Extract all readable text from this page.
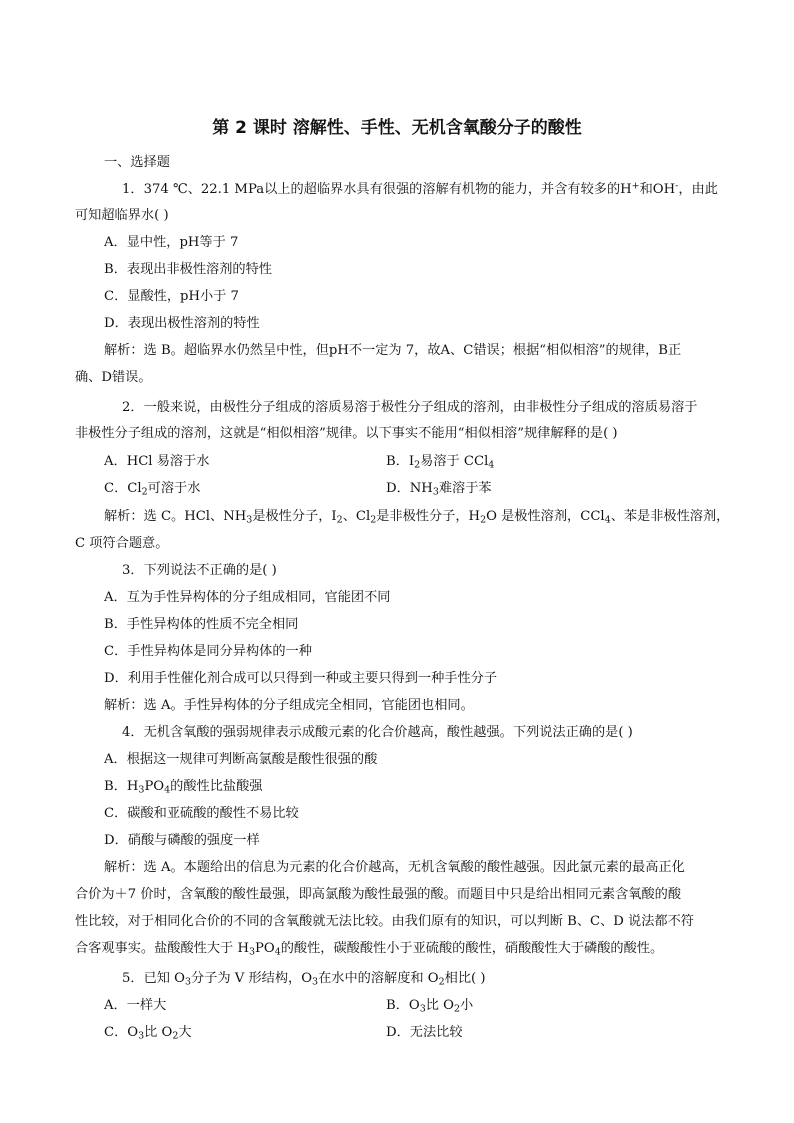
第 2 课时 溶解性、手性、无机含氧酸分子的酸性
一、选择题
1．374 ℃、22.1 MPa以上的超临界水具有很强的溶解有机物的能力，并含有较多的H+和OH-，由此
可知超临界水( )
A．显中性，pH等于 7
B．表现出非极性溶剂的特性
C．显酸性，pH小于 7
D．表现出极性溶剂的特性
解析：选 B。超临界水仍然呈中性，但pH不一定为 7，故A、C错误；根据“相似相溶”的规律，B正
确、D错误。
2．一般来说，由极性分子组成的溶质易溶于极性分子组成的溶剂，由非极性分子组成的溶质易溶于
非极性分子组成的溶剂，这就是“相似相溶”规律。以下事实不能用“相似相溶”规律解释的是( )
A．HCl 易溶于水	B．$I_2$易溶于 CCl$_4$
C．$Cl_2$可溶于水	D．$NH_3$难溶于苯
解析：选 C。HCl、$NH_3$是极性分子，$I_2$、$Cl_2$是非极性分子，$H_2O$ 是极性溶剂，CCl$_4$、苯是非极性溶剂，
C 项符合题意。
3．下列说法不正确的是( )
A．互为手性异构体的分子组成相同，官能团不同
B．手性异构体的性质不完全相同
C．手性异构体是同分异构体的一种
D．利用手性催化剂合成可以只得到一种或主要只得到一种手性分子
解析：选 A。手性异构体的分子组成完全相同，官能团也相同。
4．无机含氧酸的强弱规律表示成酸元素的化合价越高，酸性越强。下列说法正确的是( )
A．根据这一规律可判断高氯酸是酸性很强的酸
B．$H_3PO_4$的酸性比盐酸强
C．碳酸和亚硫酸的酸性不易比较
D．硝酸与磷酸的强度一样
解析：选 A。本题给出的信息为元素的化合价越高，无机含氧酸的酸性越强。因此氯元素的最高正化
合价为＋7 价时，含氧酸的酸性最强，即高氯酸为酸性最强的酸。而题目中只是给出相同元素含氧酸的酸
性比较，对于相同化合价的不同的含氧酸就无法比较。由我们原有的知识，可以判断 B、C、D 说法都不符
合客观事实。盐酸酸性大于 $H_3PO_4$的酸性，碳酸酸性小于亚硫酸的酸性，硝酸酸性大于磷酸的酸性。
5．已知 $O_3$分子为 V 形结构，$O_3$在水中的溶解度和 $O_2$相比( )
A．一样大	B．$O_3$比 $O_2$小
C．$O_3$比 $O_2$大	D．无法比较
